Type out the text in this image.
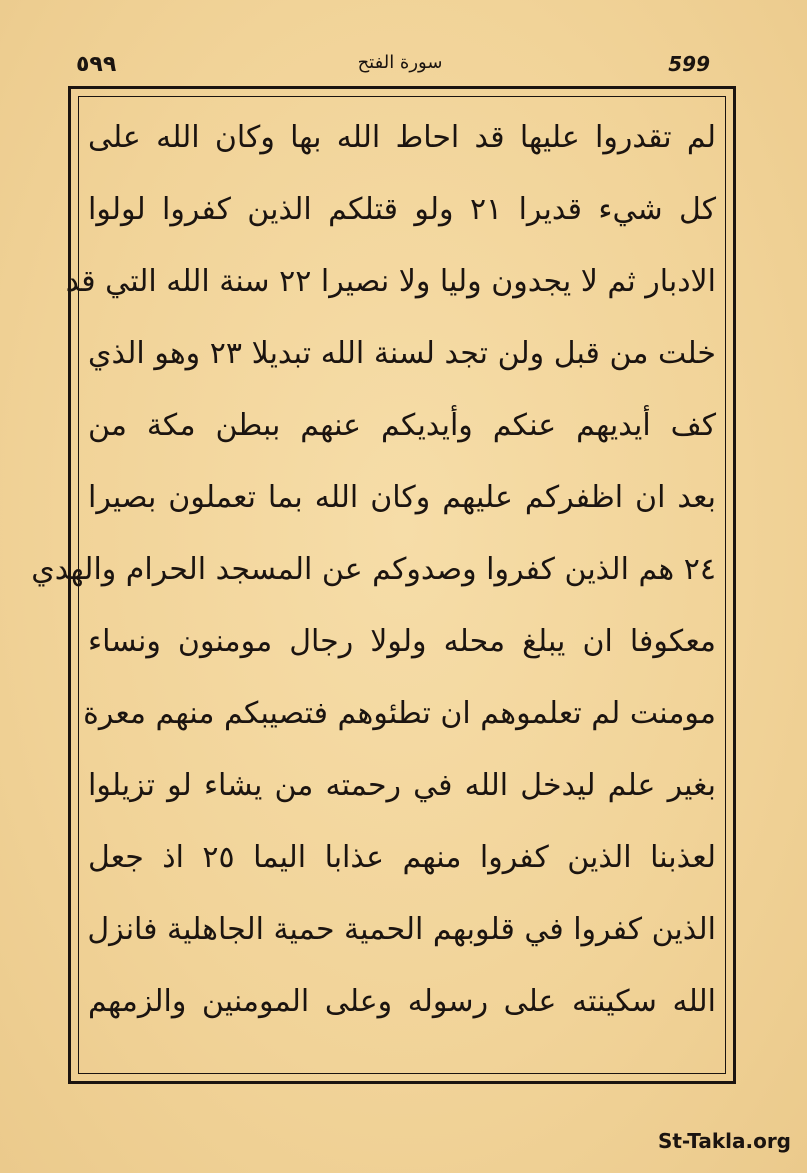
٥٩٩	سورة الفتح	599
لم تقدروا عليها قد احاط الله بها وكان الله على
كل شيء قديرا ٢١ ولو قتلكم الذين كفروا لولوا
الادبار ثم لا يجدون وليا ولا نصيرا ٢٢ سنة الله التي قد
خلت من قبل ولن تجد لسنة الله تبديلا ٢٣ وهو الذي
كف أيديهم عنكم وأيديكم عنهم ببطن مكة من
بعد ان اظفركم عليهم وكان الله بما تعملون بصيرا
٢٤ هم الذين كفروا وصدوكم عن المسجد الحرام والهدي
معكوفا ان يبلغ محله ولولا رجال مومنون ونساء
مومنت لم تعلموهم ان تطئوهم فتصيبكم منهم معرة
بغير علم ليدخل الله في رحمته من يشاء لو تزيلوا
لعذبنا الذين كفروا منهم عذابا اليما ٢٥ اذ جعل
الذين كفروا في قلوبهم الحمية حمية الجاهلية فانزل
الله سكينته على رسوله وعلى المومنين والزمهم
St-Takla.org
